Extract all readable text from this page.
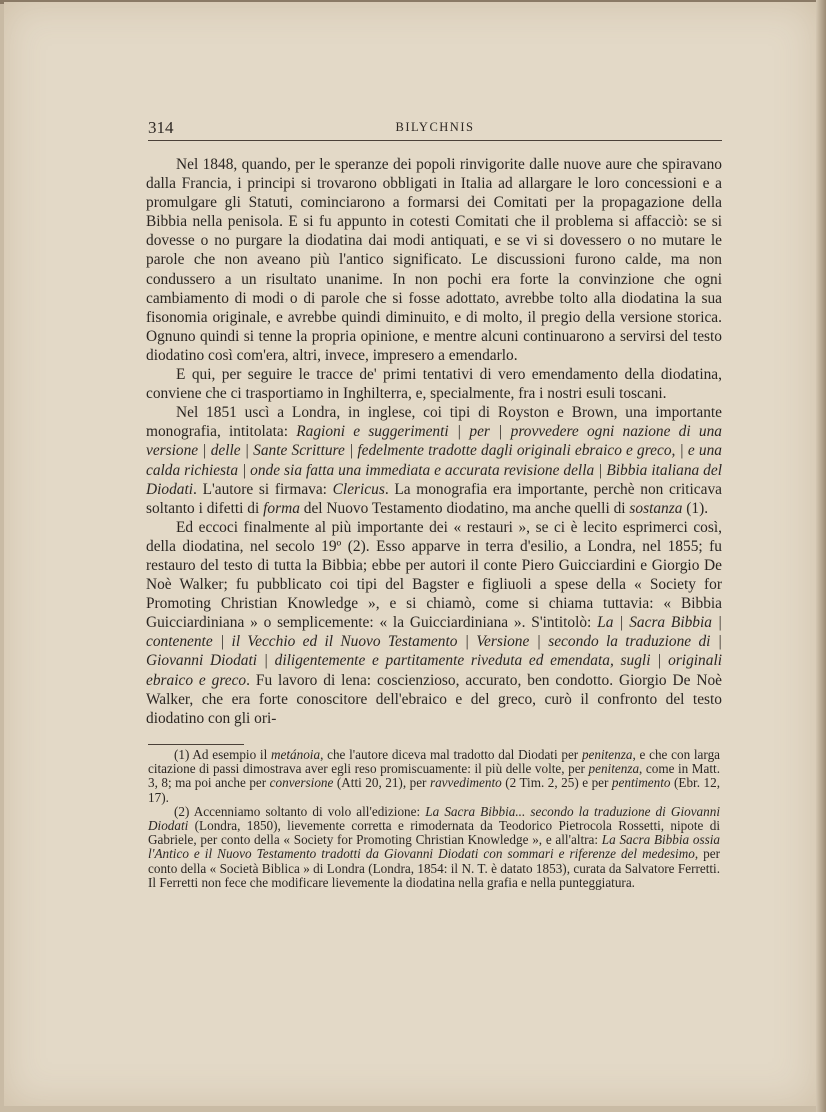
314	BILYCHNIS

Nel 1848, quando, per le speranze dei popoli rinvigorite dalle nuove aure che spiravano dalla Francia, i principi si trovarono obbligati in Italia ad allargare le loro concessioni e a promulgare gli Statuti, cominciarono a formarsi dei Comitati per la propagazione della Bibbia nella penisola. E si fu appunto in cotesti Comitati che il problema si affacciò: se si dovesse o no purgare la diodatina dai modi antiquati, e se vi si dovessero o no mutare le parole che non aveano più l'antico significato. Le discussioni furono calde, ma non condussero a un risultato unanime. In non pochi era forte la convinzione che ogni cambiamento di modi o di parole che si fosse adottato, avrebbe tolto alla diodatina la sua fisonomia originale, e avrebbe quindi diminuito, e di molto, il pregio della versione storica. Ognuno quindi si tenne la propria opinione, e mentre alcuni continuarono a servirsi del testo diodatino così com'era, altri, invece, impresero a emendarlo.

E qui, per seguire le tracce de' primi tentativi di vero emendamento della diodatina, conviene che ci trasportiamo in Inghilterra, e, specialmente, fra i nostri esuli toscani.

Nel 1851 uscì a Londra, in inglese, coi tipi di Royston e Brown, una importante monografia, intitolata: Ragioni e suggerimenti | per | provvedere ogni nazione di una versione | delle | Sante Scritture | fedelmente tradotte dagli originali ebraico e greco, | e una calda richiesta | onde sia fatta una immediata e accurata revisione della | Bibbia italiana del Diodati. L'autore si firmava: Clericus. La monografia era importante, perchè non criticava soltanto i difetti di forma del Nuovo Testamento diodatino, ma anche quelli di sostanza (1).

Ed eccoci finalmente al più importante dei « restauri », se ci è lecito esprimerci così, della diodatina, nel secolo 19º (2). Esso apparve in terra d'esilio, a Londra, nel 1855; fu restauro del testo di tutta la Bibbia; ebbe per autori il conte Piero Guicciardini e Giorgio De Noè Walker; fu pubblicato coi tipi del Bagster e figliuoli a spese della « Society for Promoting Christian Knowledge », e si chiamò, come si chiama tuttavia: « Bibbia Guicciardiniana » o semplicemente: « la Guicciardiniana ». S'intitolò: La | Sacra Bibbia | contenente | il Vecchio ed il Nuovo Testamento | Versione | secondo la traduzione di | Giovanni Diodati | diligentemente e partitamente riveduta ed emendata, sugli | originali ebraico e greco. Fu lavoro di lena: coscienzioso, accurato, ben condotto. Giorgio De Noè Walker, che era forte conoscitore dell'ebraico e del greco, curò il confronto del testo diodatino con gli ori-

(1) Ad esempio il metánoia, che l'autore diceva mal tradotto dal Diodati per penitenza, e che con larga citazione di passi dimostrava aver egli reso promiscuamente: il più delle volte, per penitenza, come in Matt. 3, 8; ma poi anche per conversione (Atti 20, 21), per ravvedimento (2 Tim. 2, 25) e per pentimento (Ebr. 12, 17).

(2) Accenniamo soltanto di volo all'edizione: La Sacra Bibbia... secondo la traduzione di Giovanni Diodati (Londra, 1850), lievemente corretta e rimodernata da Teodorico Pietrocola Rossetti, nipote di Gabriele, per conto della « Society for Promoting Christian Knowledge », e all'altra: La Sacra Bibbia ossia l'Antico e il Nuovo Testamento tradotti da Giovanni Diodati con sommari e riferenze del medesimo, per conto della « Società Biblica » di Londra (Londra, 1854: il N. T. è datato 1853), curata da Salvatore Ferretti. Il Ferretti non fece che modificare lievemente la diodatina nella grafia e nella punteggiatura.
